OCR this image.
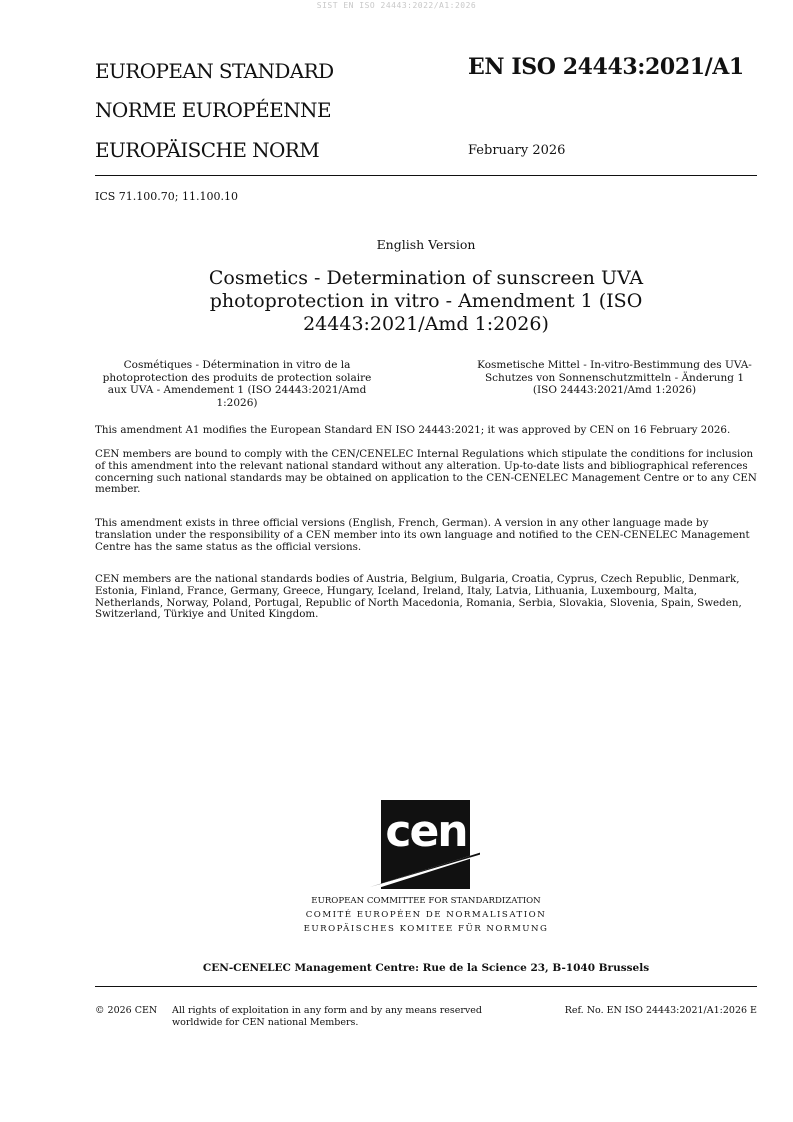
SIST EN ISO 24443:2022/A1:2026
EUROPEAN STANDARD
NORME EUROPÉENNE
EUROPÄISCHE NORM
EN ISO 24443:2021/A1
February 2026
ICS 71.100.70; 11.100.10
English Version
Cosmetics - Determination of sunscreen UVA photoprotection in vitro - Amendment 1 (ISO 24443:2021/Amd 1:2026)
Cosmétiques - Détermination in vitro de la photoprotection des produits de protection solaire aux UVA - Amendement 1 (ISO 24443:2021/Amd 1:2026)
Kosmetische Mittel - In-vitro-Bestimmung des UVA-Schutzes von Sonnenschutzmitteln - Änderung 1 (ISO 24443:2021/Amd 1:2026)
This amendment A1 modifies the European Standard EN ISO 24443:2021; it was approved by CEN on 16 February 2026.
CEN members are bound to comply with the CEN/CENELEC Internal Regulations which stipulate the conditions for inclusion of this amendment into the relevant national standard without any alteration. Up-to-date lists and bibliographical references concerning such national standards may be obtained on application to the CEN-CENELEC Management Centre or to any CEN member.
This amendment exists in three official versions (English, French, German). A version in any other language made by translation under the responsibility of a CEN member into its own language and notified to the CEN-CENELEC Management Centre has the same status as the official versions.
CEN members are the national standards bodies of Austria, Belgium, Bulgaria, Croatia, Cyprus, Czech Republic, Denmark, Estonia, Finland, France, Germany, Greece, Hungary, Iceland, Ireland, Italy, Latvia, Lithuania, Luxembourg, Malta, Netherlands, Norway, Poland, Portugal, Republic of North Macedonia, Romania, Serbia, Slovakia, Slovenia, Spain, Sweden, Switzerland, Türkiye and United Kingdom.
cen
EUROPEAN COMMITTEE FOR STANDARDIZATION
COMITÉ EUROPÉEN DE NORMALISATION
EUROPÄISCHES KOMITEE FÜR NORMUNG
CEN-CENELEC Management Centre: Rue de la Science 23, B-1040 Brussels
© 2026 CEN All rights of exploitation in any form and by any means reserved worldwide for CEN national Members.
Ref. No. EN ISO 24443:2021/A1:2026 E
